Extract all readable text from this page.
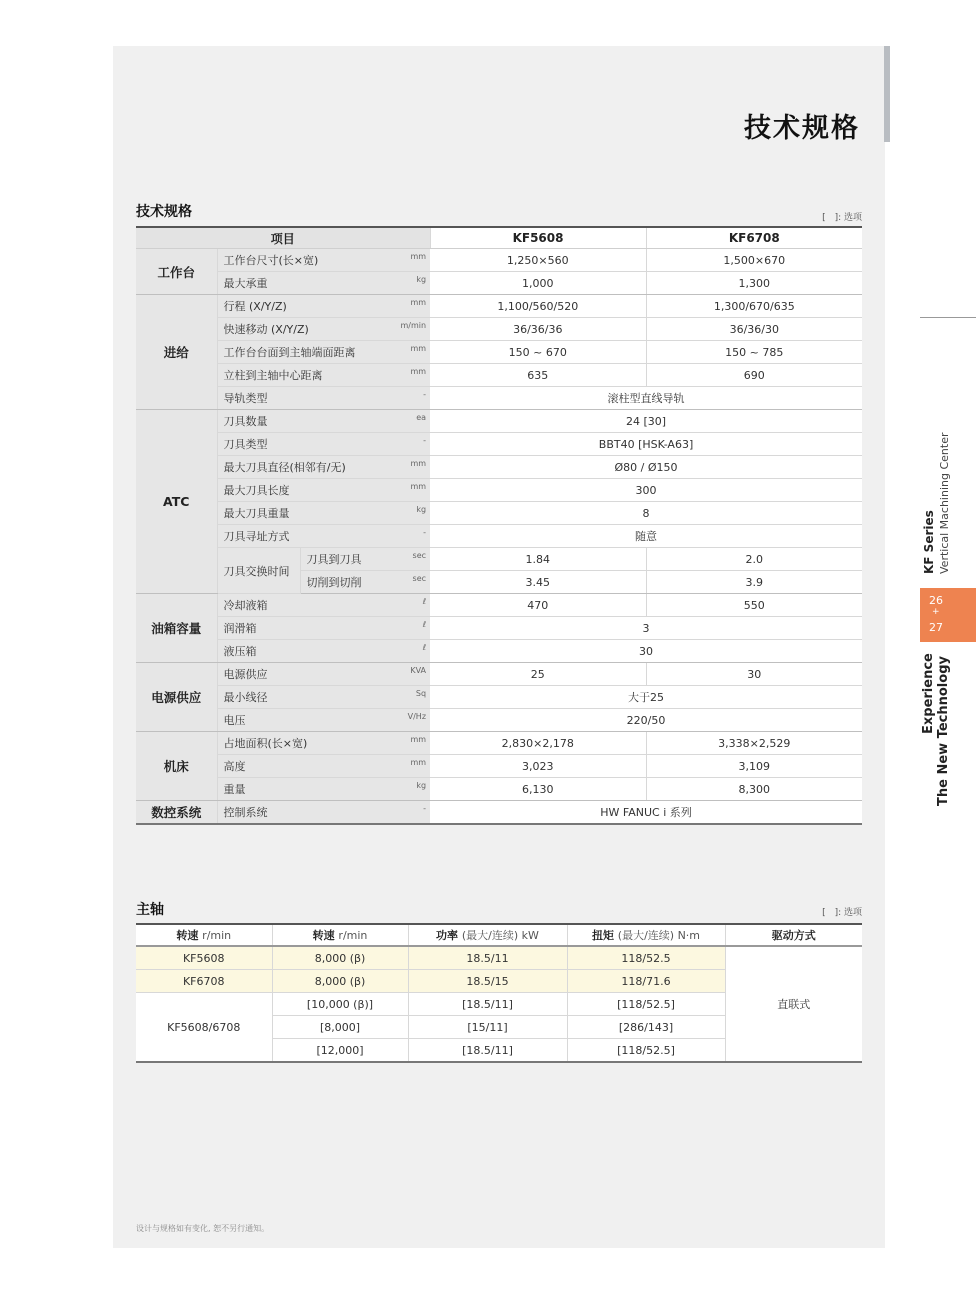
技术规格
技术规格	[　]: 选项
项目			KF5608	KF6708
工作台	工作台尺寸(长×宽) mm		1,250×560	1,500×670
	最大承重 kg		1,000	1,300
进给	行程 (X/Y/Z) mm		1,100/560/520	1,300/670/635
	快速移动 (X/Y/Z) m/min		36/36/36	36/36/30
	工作台台面到主轴端面距离 mm		150 ~ 670	150 ~ 785
	立柱到主轴中心距离 mm		635	690
	导轨类型 -		滚柱型直线导轨	
ATC	刀具数量 ea		24 [30]	
	刀具类型 -		BBT40 [HSK-A63]	
	最大刀具直径(相邻有/无) mm		Ø80 / Ø150	
	最大刀具长度 mm		300	
	最大刀具重量 kg		8	
	刀具寻址方式 -		随意	
	刀具交换时间	刀具到刀具 sec	1.84	2.0
		切削到切削 sec	3.45	3.9
油箱容量	冷却液箱 ℓ		470	550
	润滑箱 ℓ		3	
	液压箱 ℓ		30	
电源供应	电源供应 KVA		25	30
	最小线径 Sq		大于25	
	电压 V/Hz		220/50	
机床	占地面积(长×宽) mm		2,830×2,178	3,338×2,529
	高度 mm		3,023	3,109
	重量 kg		6,130	8,300
数控系统	控制系统 -		HW FANUC i 系列	
主轴	[　]: 选项
转速 r/min	转速 r/min	功率 (最大/连续) kW	扭矩 (最大/连续) N·m	驱动方式
KF5608	8,000 (β)	18.5/11	118/52.5	直联式
KF6708	8,000 (β)	18.5/15	118/71.6	
KF5608/6708	[10,000 (β)]	[18.5/11]	[118/52.5]	
	[8,000]	[15/11]	[286/143]	
	[12,000]	[18.5/11]	[118/52.5]	
KF Series Vertical Machining Center
26
+
27
Experience The New Technology
设计与规格如有变化, 恕不另行通知。
